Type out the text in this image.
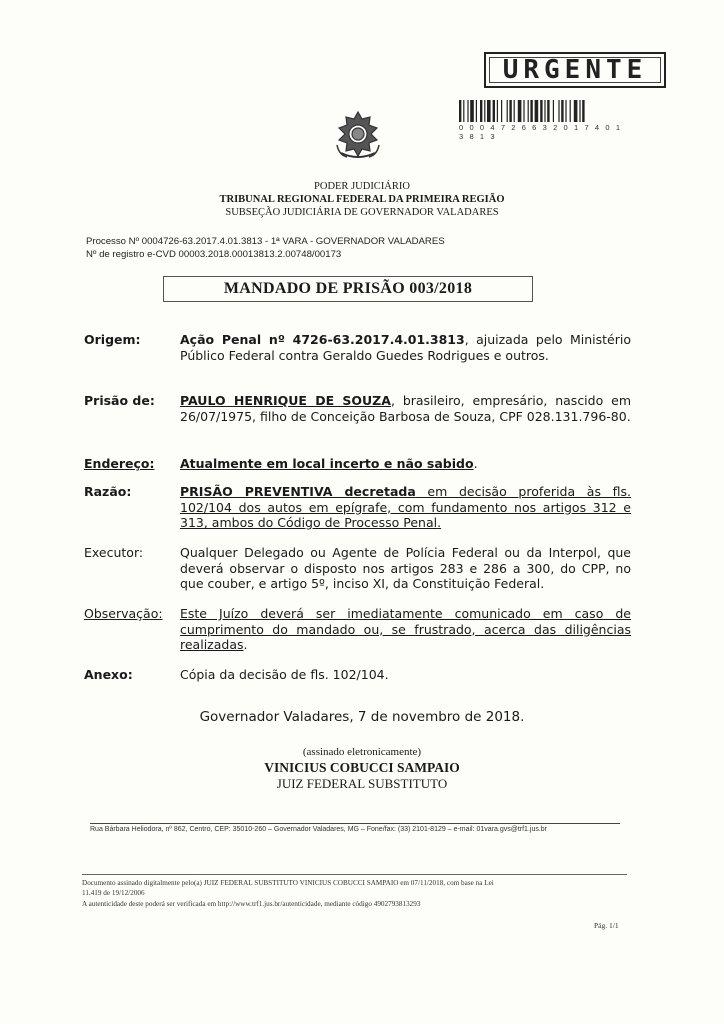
URGENTE
0 0 0 4 7 2 6 6 3 2 0 1 7 4 0 1 3 8 1 3
PODER JUDICIÁRIO
TRIBUNAL REGIONAL FEDERAL DA PRIMEIRA REGIÃO
SUBSEÇÃO JUDICIÁRIA DE GOVERNADOR VALADARES
Processo Nº 0004726-63.2017.4.01.3813 - 1ª VARA - GOVERNADOR VALADARES
Nº de registro e-CVD 00003.2018.00013813.2.00748/00173
MANDADO DE PRISÃO 003/2018
Origem:	Ação Penal nº 4726-63.2017.4.01.3813, ajuizada pelo Ministério Público Federal contra Geraldo Guedes Rodrigues e outros.
Prisão de: PAULO HENRIQUE DE SOUZA, brasileiro, empresário, nascido em 26/07/1975, filho de Conceição Barbosa de Souza, CPF 028.131.796-80.
Endereço: Atualmente em local incerto e não sabido.
Razão:	PRISÃO PREVENTIVA decretada em decisão proferida às fls. 102/104 dos autos em epígrafe, com fundamento nos artigos 312 e 313, ambos do Código de Processo Penal.
Executor:	Qualquer Delegado ou Agente de Polícia Federal ou da Interpol, que deverá observar o disposto nos artigos 283 e 286 a 300, do CPP, no que couber, e artigo 5º, inciso XI, da Constituição Federal.
Observação: Este Juízo deverá ser imediatamente comunicado em caso de cumprimento do mandado ou, se frustrado, acerca das diligências realizadas.
Anexo:	Cópia da decisão de fls. 102/104.
Governador Valadares, 7 de novembro de 2018.
(assinado eletronicamente)
VINICIUS COBUCCI SAMPAIO
JUIZ FEDERAL SUBSTITUTO
Rua Bárbara Heliodora, nº 862, Centro, CEP: 35010-260 – Governador Valadares, MG – Fone/fax: (33) 2101-8129 – e-mail: 01vara.gvs@trf1.jus.br
Documento assinado digitalmente pelo(a) JUIZ FEDERAL SUBSTITUTO VINICIUS COBUCCI SAMPAIO em 07/11/2018, com base na Lei
11.419 de 19/12/2006
A autenticidade deste poderá ser verificada em http://www.trf1.jus.br/autenticidade, mediante código 4902793813293
Pág. 1/1
